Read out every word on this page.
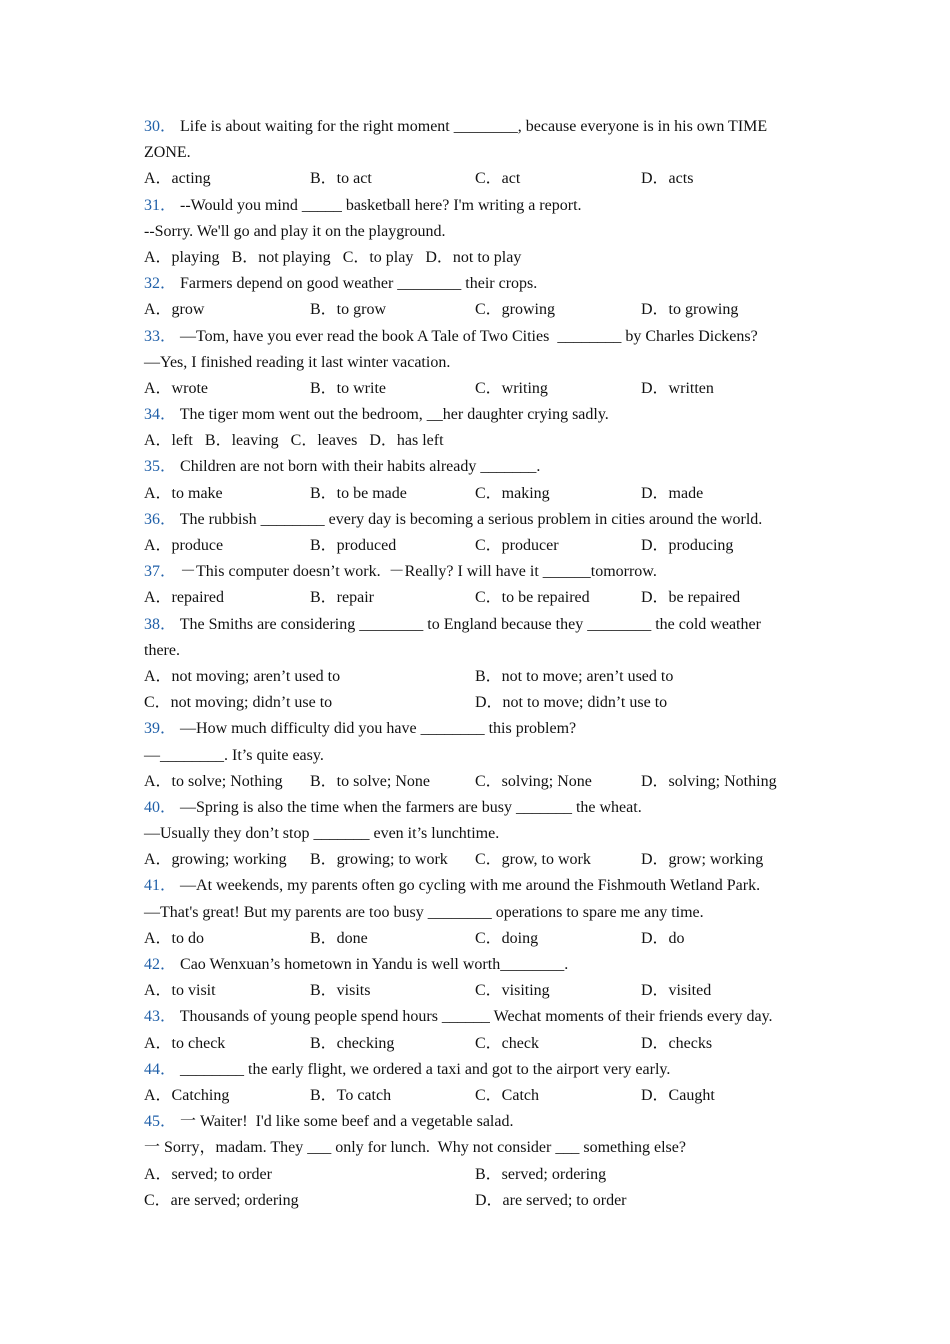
30． Life is about waiting for the right moment ________, because everyone is in his own TIME
ZONE.
A．acting	B．to act	C．act	D．acts
31． --Would you mind _____ basketball here? I'm writing a report.
--Sorry. We'll go and play it on the playground.
A．playing B．not playing C．to play D．not to play
32． Farmers depend on good weather ________ their crops.
A．grow	B．to grow	C．growing	D．to growing
33． —Tom, have you ever read the book A Tale of Two Cities  ________ by Charles Dickens?
—Yes, I finished reading it last winter vacation.
A．wrote	B．to write	C．writing	D．written
34． The tiger mom went out the bedroom, __her daughter crying sadly.
A．left B．leaving C．leaves D．has left
35． Children are not born with their habits already _______.
A．to make	B．to be made	C．making	D．made
36． The rubbish ________ every day is becoming a serious problem in cities around the world.
A．produce	B．produced	C．producer	D．producing
37． －This computer doesn’t work.  －Really? I will have it ______tomorrow.
A．repaired	B．repair	C．to be repaired	D．be repaired
38． The Smiths are considering ________ to England because they ________ the cold weather
there.
A．not moving; aren’t used to	B．not to move; aren’t used to
C．not moving; didn’t use to	D．not to move; didn’t use to
39． —How much difficulty did you have ________ this problem?
—________. It’s quite easy.
A．to solve; Nothing B．to solve; None	C．solving; None	D．solving; Nothing
40． —Spring is also the time when the farmers are busy _______ the wheat.
—Usually they don’t stop _______ even it’s lunchtime.
A．growing; working B．growing; to work C．grow, to work	D．grow; working
41． —At weekends, my parents often go cycling with me around the Fishmouth Wetland Park.
—That's great! But my parents are too busy ________ operations to spare me any time.
A．to do	B．done	C．doing	D．do
42． Cao Wenxuan’s hometown in Yandu is well worth________.
A．to visit	B．visits	C．visiting	D．visited
43． Thousands of young people spend hours ______ Wechat moments of their friends every day.
A．to check	B．checking	C．check	D．checks
44． ________ the early flight, we ordered a taxi and got to the airport very early.
A．Catching	B．To catch	C．Catch	D．Caught
45． 一 Waiter!  I'd like some beef and a vegetable salad.
一 Sorry，madam. They ___ only for lunch.  Why not consider ___ something else?
A．served; to order	B．served; ordering
C．are served; ordering	D．are served; to order
